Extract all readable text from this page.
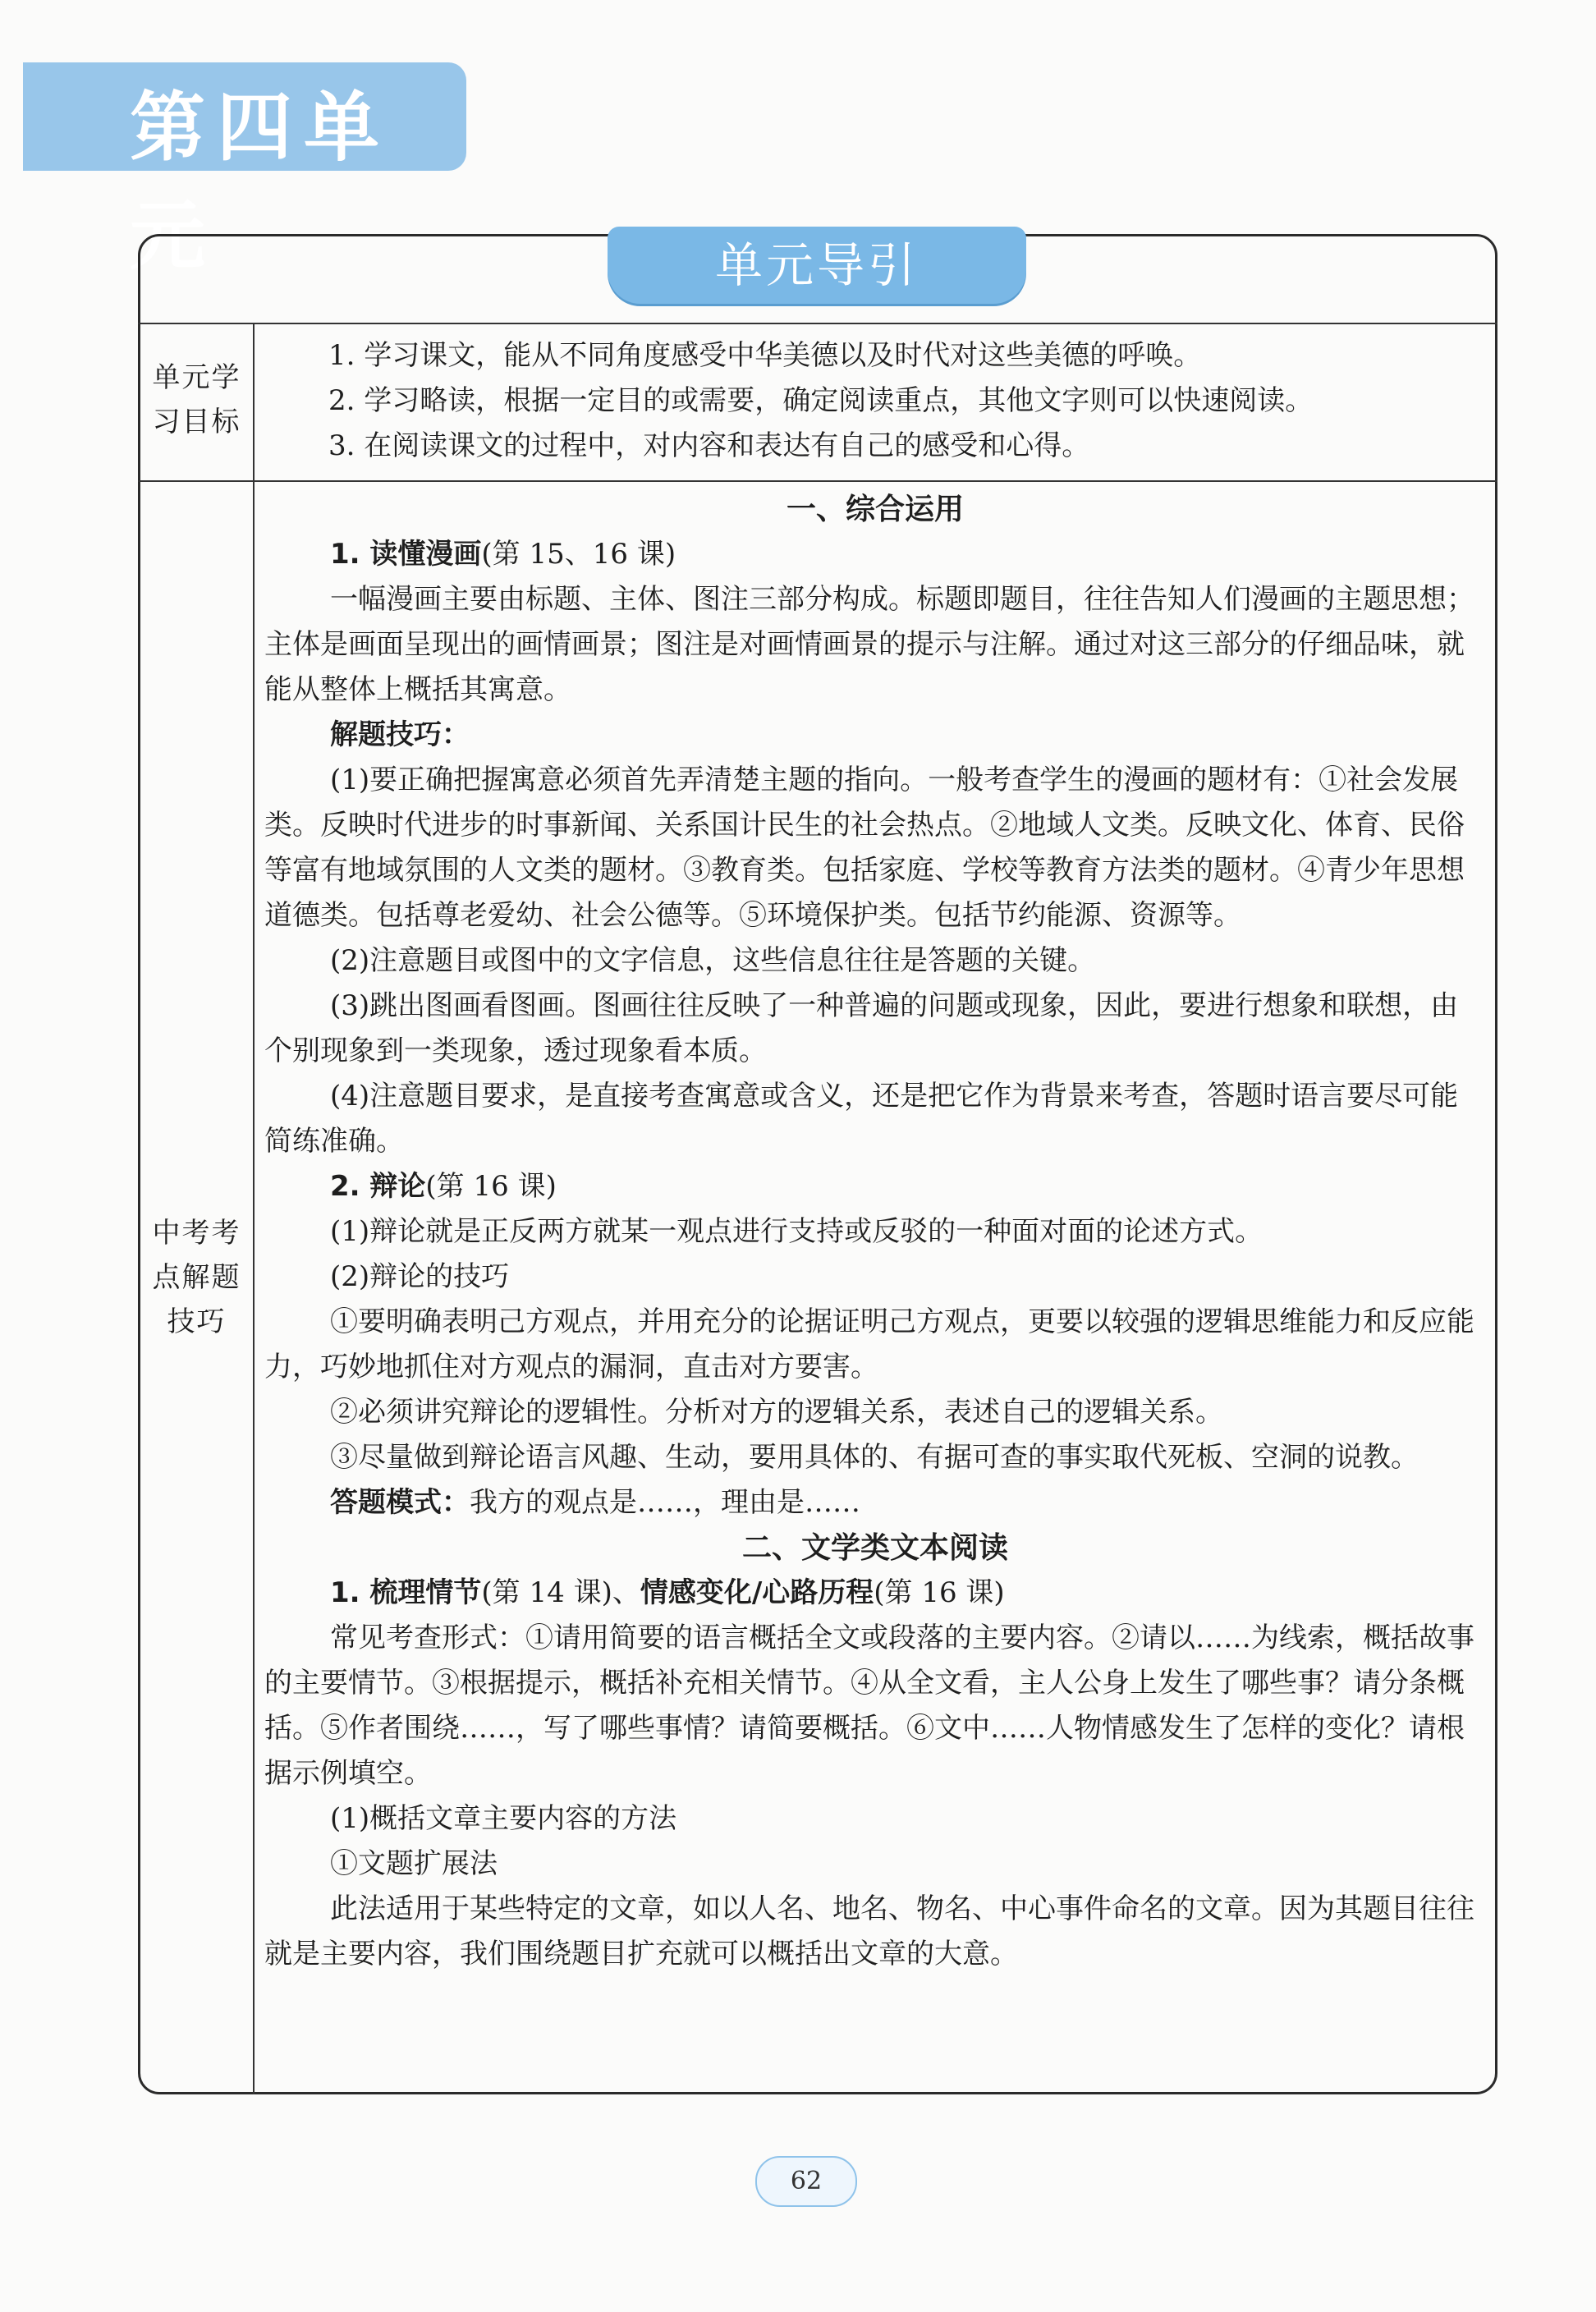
第四单元	单元导引
单元学
习目标

1. 学习课文，能从不同角度感受中华美德以及时代对这些美德的呼唤。

2. 学习略读，根据一定目的或需要，确定阅读重点，其他文字则可以快速阅读。

3. 在阅读课文的过程中，对内容和表达有自己的感受和心得。

中考考
点解题
技巧

一、综合运用

1. 读懂漫画(第 15、16 课)

一幅漫画主要由标题、主体、图注三部分构成。标题即题目，往往告知人们漫画的主题思想；主体是画面呈现出的画情画景；图注是对画情画景的提示与注解。通过对这三部分的仔细品味，就能从整体上概括其寓意。

解题技巧：

(1)要正确把握寓意必须首先弄清楚主题的指向。一般考查学生的漫画的题材有：①社会发展类。反映时代进步的时事新闻、关系国计民生的社会热点。②地域人文类。反映文化、体育、民俗等富有地域氛围的人文类的题材。③教育类。包括家庭、学校等教育方法类的题材。④青少年思想道德类。包括尊老爱幼、社会公德等。⑤环境保护类。包括节约能源、资源等。

(2)注意题目或图中的文字信息，这些信息往往是答题的关键。

(3)跳出图画看图画。图画往往反映了一种普遍的问题或现象，因此，要进行想象和联想，由个别现象到一类现象，透过现象看本质。

(4)注意题目要求，是直接考查寓意或含义，还是把它作为背景来考查，答题时语言要尽可能简练准确。

2. 辩论(第 16 课)

(1)辩论就是正反两方就某一观点进行支持或反驳的一种面对面的论述方式。

(2)辩论的技巧

①要明确表明己方观点，并用充分的论据证明己方观点，更要以较强的逻辑思维能力和反应能力，巧妙地抓住对方观点的漏洞，直击对方要害。

②必须讲究辩论的逻辑性。分析对方的逻辑关系，表述自己的逻辑关系。

③尽量做到辩论语言风趣、生动，要用具体的、有据可查的事实取代死板、空洞的说教。

答题模式：我方的观点是……，理由是……

二、文学类文本阅读

1. 梳理情节(第 14 课)、情感变化/心路历程(第 16 课)

常见考查形式：①请用简要的语言概括全文或段落的主要内容。②请以……为线索，概括故事的主要情节。③根据提示，概括补充相关情节。④从全文看，主人公身上发生了哪些事？请分条概括。⑤作者围绕……，写了哪些事情？请简要概括。⑥文中……人物情感发生了怎样的变化？请根据示例填空。

(1)概括文章主要内容的方法

①文题扩展法

此法适用于某些特定的文章，如以人名、地名、物名、中心事件命名的文章。因为其题目往往就是主要内容，我们围绕题目扩充就可以概括出文章的大意。

62
